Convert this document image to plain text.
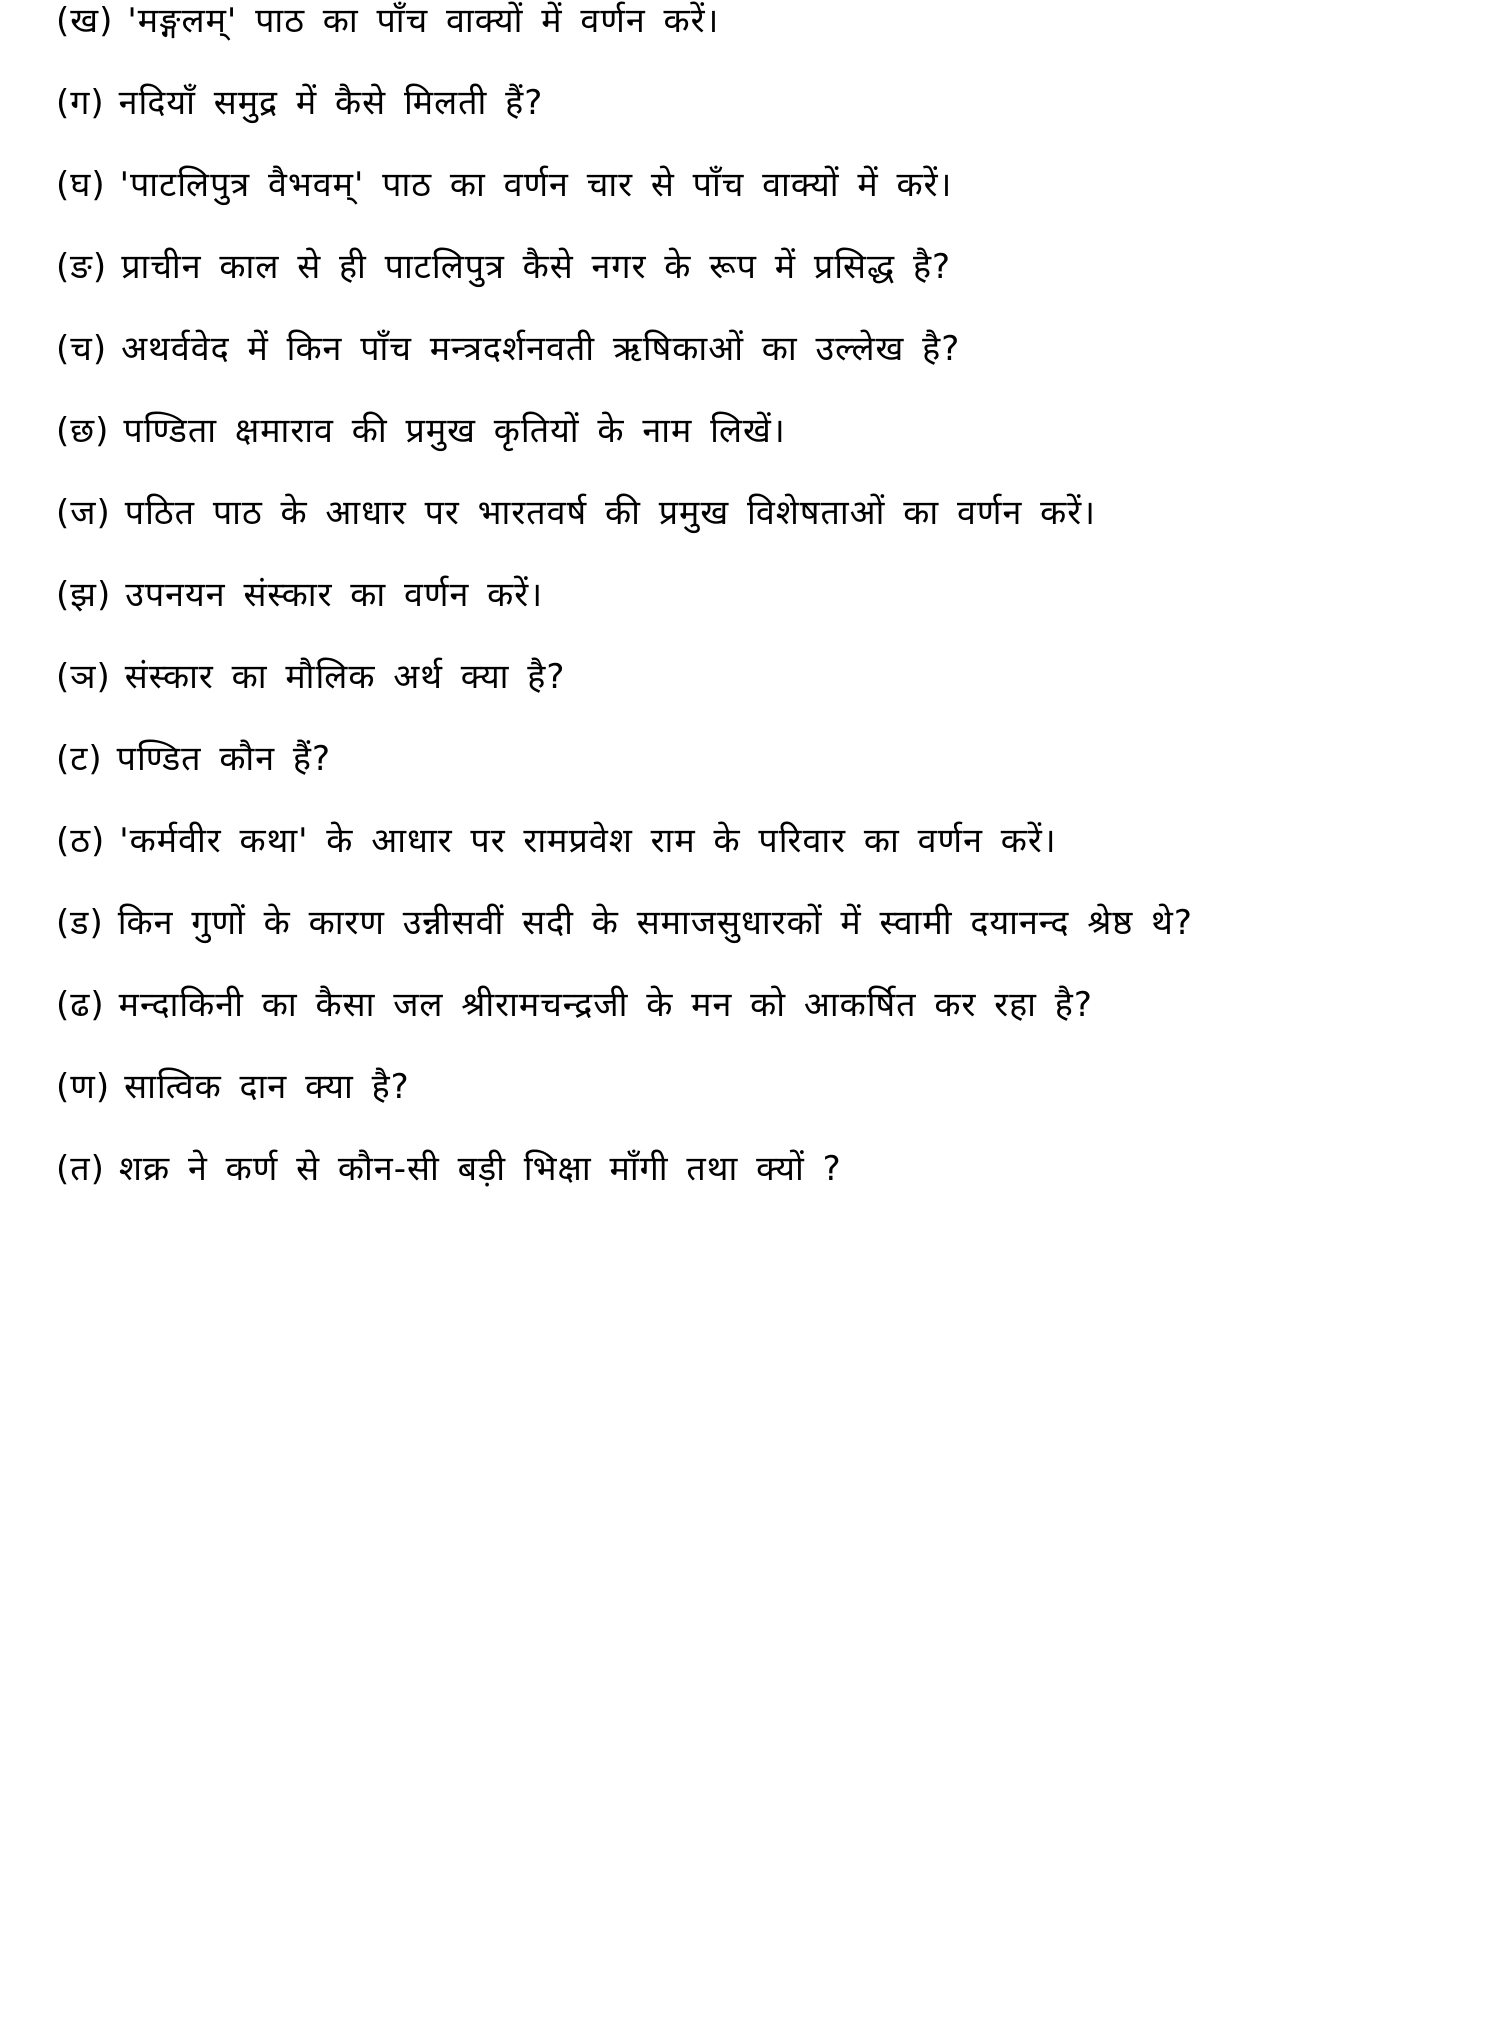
(ख) 'मङ्गलम्' पाठ का पाँच वाक्यों में वर्णन करें।
(ग) नदियाँ समुद्र में कैसे मिलती हैं?
(घ) 'पाटलिपुत्र वैभवम्' पाठ का वर्णन चार से पाँच वाक्यों में करें।
(ङ) प्राचीन काल से ही पाटलिपुत्र कैसे नगर के रूप में प्रसिद्ध है?
(च) अथर्ववेद में किन पाँच मन्त्रदर्शनवती ऋषिकाओं का उल्लेख है?
(छ) पण्डिता क्षमाराव की प्रमुख कृतियों के नाम लिखें।
(ज) पठित पाठ के आधार पर भारतवर्ष की प्रमुख विशेषताओं का वर्णन करें।
(झ) उपनयन संस्कार का वर्णन करें।
(ञ) संस्कार का मौलिक अर्थ क्या है?
(ट) पण्डित कौन हैं?
(ठ) 'कर्मवीर कथा' के आधार पर रामप्रवेश राम के परिवार का वर्णन करें।
(ड) किन गुणों के कारण उन्नीसवीं सदी के समाजसुधारकों में स्वामी दयानन्द श्रेष्ठ थे?
(ढ) मन्दाकिनी का कैसा जल श्रीरामचन्द्रजी के मन को आकर्षित कर रहा है?
(ण) सात्विक दान क्या है?
(त) शक्र ने कर्ण से कौन-सी बड़ी भिक्षा माँगी तथा क्यों ?
